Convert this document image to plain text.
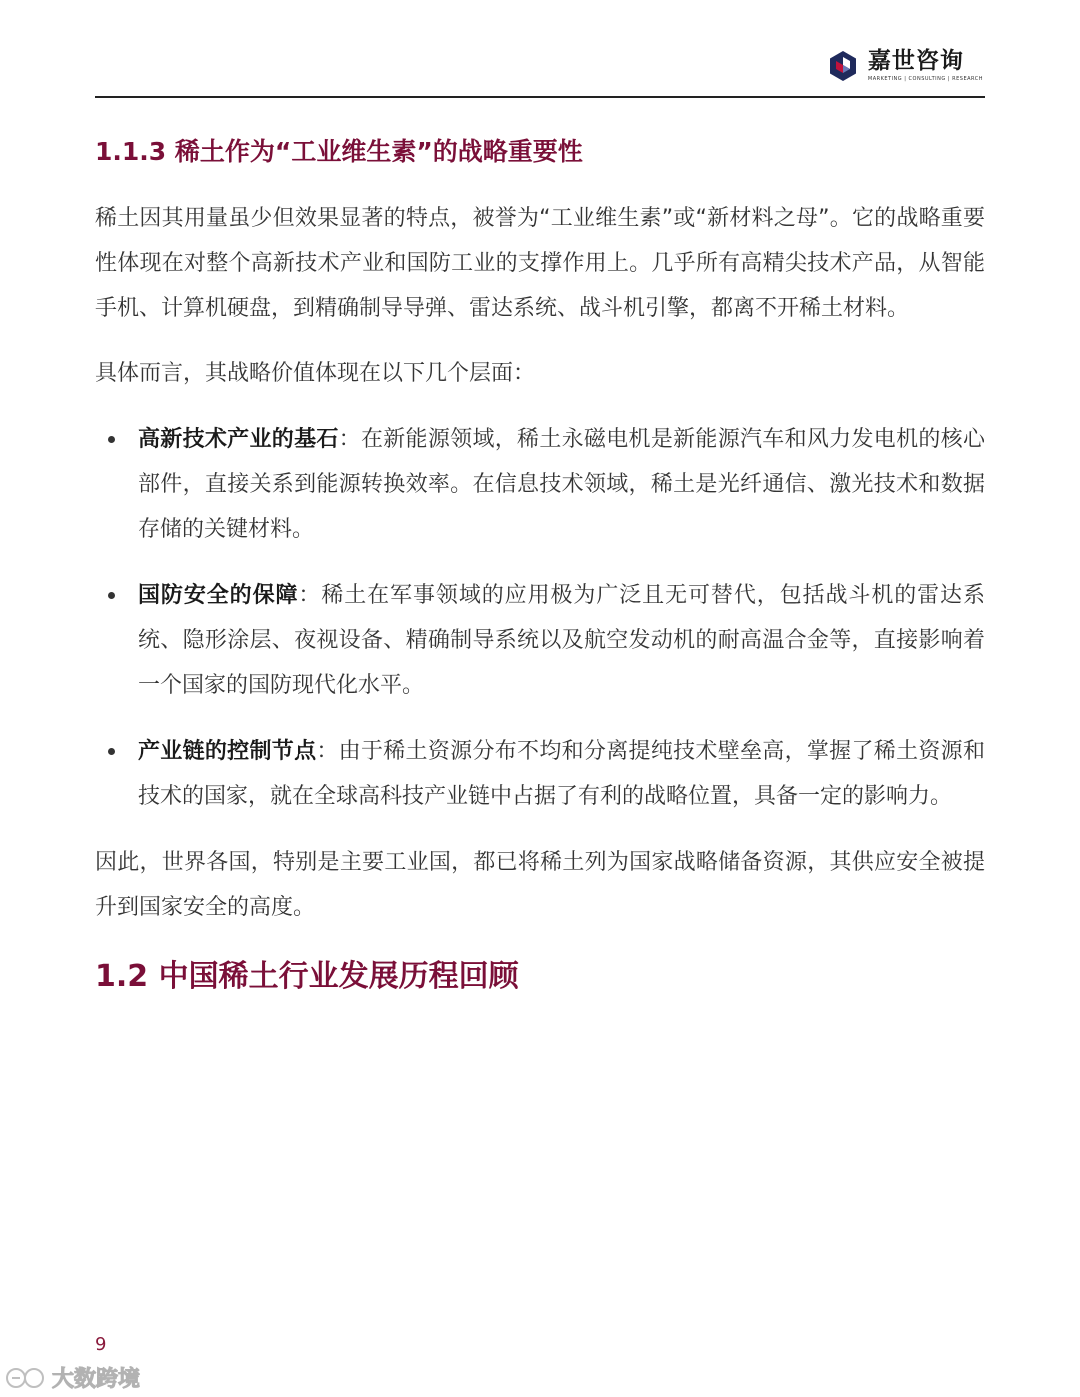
嘉世咨询
MARKETING | CONSULTING | RESEARCH
1.1.3 稀土作为“工业维生素”的战略重要性

稀土因其用量虽少但效果显著的特点，被誉为“工业维生素”或“新材料之母”。它的战略重要性体现在对整个高新技术产业和国防工业的支撑作用上。几乎所有高精尖技术产品，从智能手机、计算机硬盘，到精确制导导弹、雷达系统、战斗机引擎，都离不开稀土材料。

具体而言，其战略价值体现在以下几个层面：

高新技术产业的基石：在新能源领域，稀土永磁电机是新能源汽车和风力发电机的核心部件，直接关系到能源转换效率。在信息技术领域，稀土是光纤通信、激光技术和数据存储的关键材料。
国防安全的保障：稀土在军事领域的应用极为广泛且无可替代，包括战斗机的雷达系统、隐形涂层、夜视设备、精确制导系统以及航空发动机的耐高温合金等，直接影响着一个国家的国防现代化水平。
产业链的控制节点：由于稀土资源分布不均和分离提纯技术壁垒高，掌握了稀土资源和技术的国家，就在全球高科技产业链中占据了有利的战略位置，具备一定的影响力。

因此，世界各国，特别是主要工业国，都已将稀土列为国家战略储备资源，其供应安全被提升到国家安全的高度。

1.2 中国稀土行业发展历程回顾
9
大数跨境
